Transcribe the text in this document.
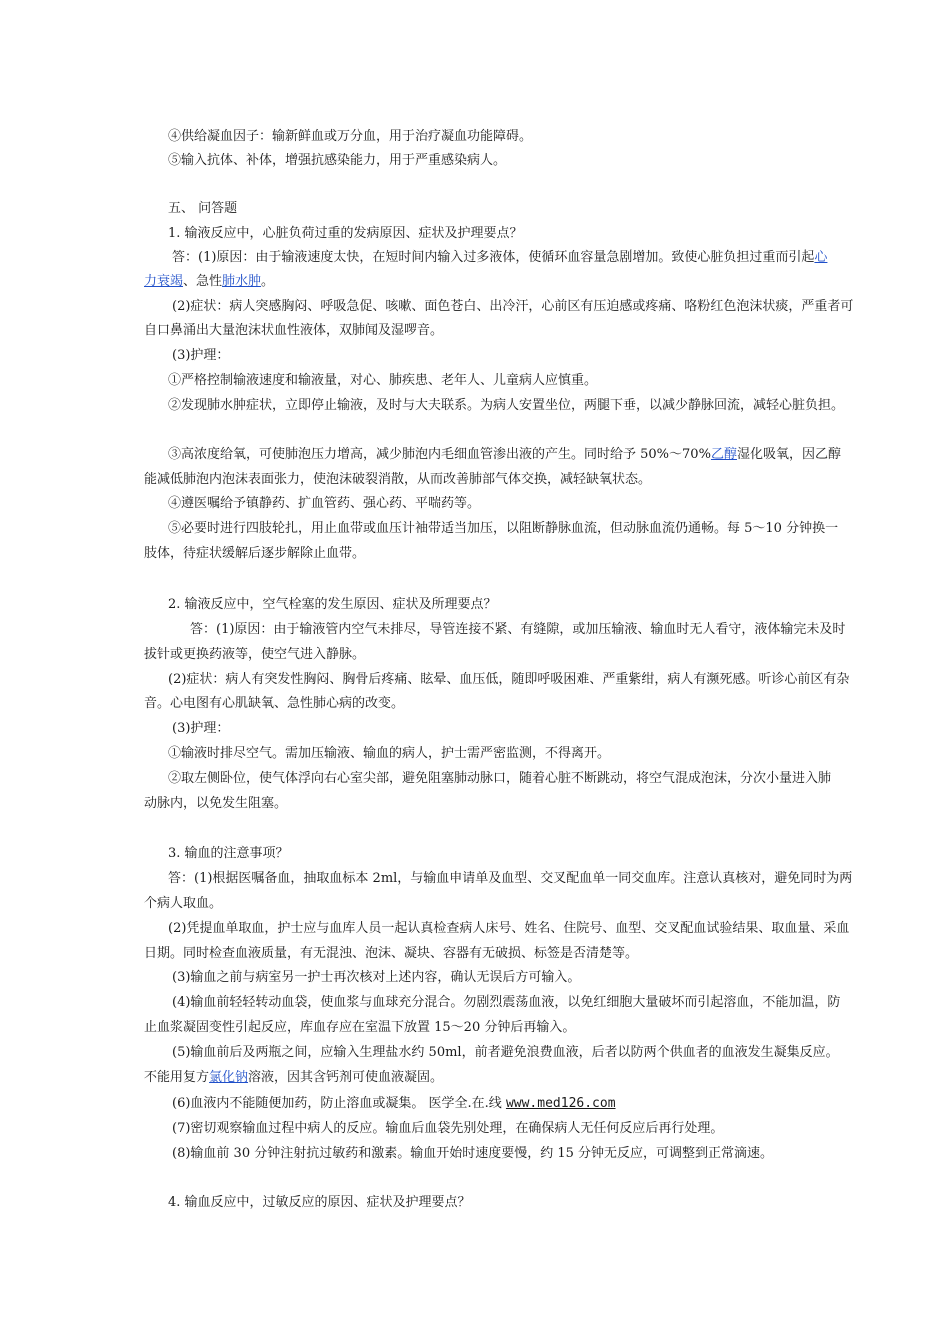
④供给凝血因子：输新鲜血或万分血，用于治疗凝血功能障碍。
⑤输入抗体、补体，增强抗感染能力，用于严重感染病人。
五、 问答题
1. 输液反应中，心脏负荷过重的发病原因、症状及护理要点？
答：(1)原因：由于输液速度太快，在短时间内输入过多液体，使循环血容量急剧增加。致使心脏负担过重而引起心
力衰竭、急性肺水肿。
(2)症状：病人突感胸闷、呼吸急促、咳嗽、面色苍白、出冷汗，心前区有压迫感或疼痛、咯粉红色泡沫状痰，严重者可
自口鼻涌出大量泡沫状血性液体，双肺闻及湿啰音。
(3)护理：
①严格控制输液速度和输液量，对心、肺疾患、老年人、儿童病人应慎重。
②发现肺水肿症状，立即停止输液，及时与大夫联系。为病人安置坐位，两腿下垂，以减少静脉回流，减轻心脏负担。
③高浓度给氧，可使肺泡压力增高，减少肺泡内毛细血管渗出液的产生。同时给予 50%～70%乙醇湿化吸氧，因乙醇
能减低肺泡内泡沫表面张力，使泡沫破裂消散，从而改善肺部气体交换，减轻缺氧状态。
④遵医嘱给予镇静药、扩血管药、强心药、平喘药等。
⑤必要时进行四肢轮扎，用止血带或血压计袖带适当加压，以阻断静脉血流，但动脉血流仍通畅。每 5～10 分钟换一
肢体，待症状缓解后逐步解除止血带。
2. 输液反应中，空气栓塞的发生原因、症状及所理要点？
答：(1)原因：由于输液管内空气未排尽，导管连接不紧、有缝隙，或加压输液、输血时无人看守，液体输完未及时
拔针或更换药液等，使空气进入静脉。
(2)症状：病人有突发性胸闷、胸骨后疼痛、眩晕、血压低，随即呼吸困难、严重紫绀，病人有濒死感。听诊心前区有杂
音。心电图有心肌缺氧、急性肺心病的改变。
(3)护理：
①输液时排尽空气。需加压输液、输血的病人，护士需严密监测，不得离开。
②取左侧卧位，使气体浮向右心室尖部，避免阻塞肺动脉口，随着心脏不断跳动，将空气混成泡沫，分次小量进入肺
动脉内，以免发生阻塞。
3. 输血的注意事项？
答：(1)根据医嘱备血，抽取血标本 2ml，与输血申请单及血型、交叉配血单一同交血库。注意认真核对，避免同时为两
个病人取血。
(2)凭提血单取血，护士应与血库人员一起认真检查病人床号、姓名、住院号、血型、交叉配血试验结果、取血量、采血
日期。同时检查血液质量，有无混浊、泡沫、凝块、容器有无破损、标签是否清楚等。
(3)输血之前与病室另一护士再次核对上述内容，确认无误后方可输入。
(4)输血前轻轻转动血袋，使血浆与血球充分混合。勿剧烈震荡血液，以免红细胞大量破坏而引起溶血，不能加温，防
止血浆凝固变性引起反应，库血存应在室温下放置 15～20 分钟后再输入。
(5)输血前后及两瓶之间，应输入生理盐水约 50ml，前者避免浪费血液，后者以防两个供血者的血液发生凝集反应。
不能用复方氯化钠溶液，因其含钙剂可使血液凝固。
(6)血液内不能随便加药，防止溶血或凝集。 医学全.在.线 www.med126.com
(7)密切观察输血过程中病人的反应。输血后血袋先别处理，在确保病人无任何反应后再行处理。
(8)输血前 30 分钟注射抗过敏药和激素。输血开始时速度要慢，约 15 分钟无反应，可调整到正常滴速。
4. 输血反应中，过敏反应的原因、症状及护理要点？
